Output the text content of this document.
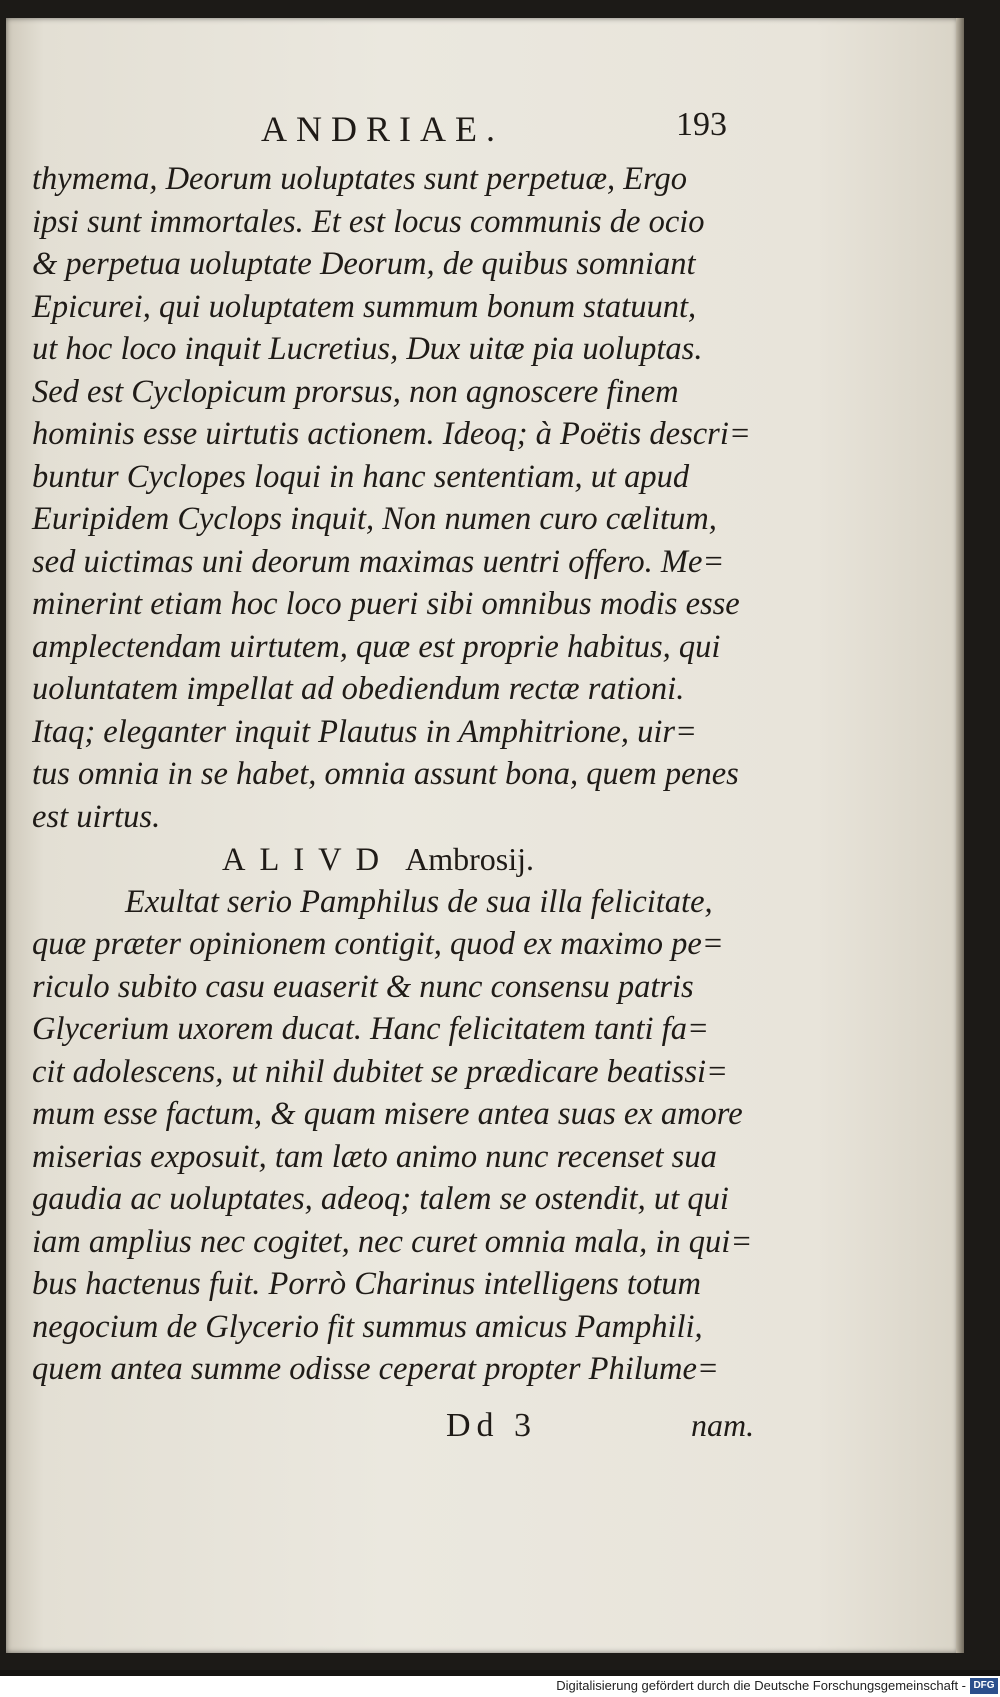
ANDRIAE.	193
thymema, Deorum uoluptates sunt perpetuæ, Ergo
ipsi sunt immortales. Et est locus communis de ocio
& perpetua uoluptate Deorum, de quibus somniant
Epicurei, qui uoluptatem summum bonum statuunt,
ut hoc loco inquit Lucretius, Dux uitæ pia uoluptas.
Sed est Cyclopicum prorsus, non agnoscere finem
hominis esse uirtutis actionem. Ideoq; à Poëtis descri=
buntur Cyclopes loqui in hanc sententiam, ut apud
Euripidem Cyclops inquit, Non numen curo cælitum,
sed uictimas uni deorum maximas uentri offero. Me=
minerint etiam hoc loco pueri sibi omnibus modis esse
amplectendam uirtutem, quæ est proprie habitus, qui
uoluntatem impellat ad obediendum rectæ rationi.
Itaq; eleganter inquit Plautus in Amphitrione, uir=
tus omnia in se habet, omnia assunt bona, quem penes
est uirtus.
ALIVD Ambrosij.
Exultat serio Pamphilus de sua illa felicitate,
quæ præter opinionem contigit, quod ex maximo pe=
riculo subito casu euaserit & nunc consensu patris
Glycerium uxorem ducat. Hanc felicitatem tanti fa=
cit adolescens, ut nihil dubitet se prædicare beatissi=
mum esse factum, & quam misere antea suas ex amore
miserias exposuit, tam læto animo nunc recenset sua
gaudia ac uoluptates, adeoq; talem se ostendit, ut qui
iam amplius nec cogitet, nec curet omnia mala, in qui=
bus hactenus fuit. Porrò Charinus intelligens totum
negocium de Glycerio fit summus amicus Pamphili,
quem antea summe odisse ceperat propter Philume=
Dd 3	nam.
Digitalisierung gefördert durch die Deutsche Forschungsgemeinschaft - DFG
